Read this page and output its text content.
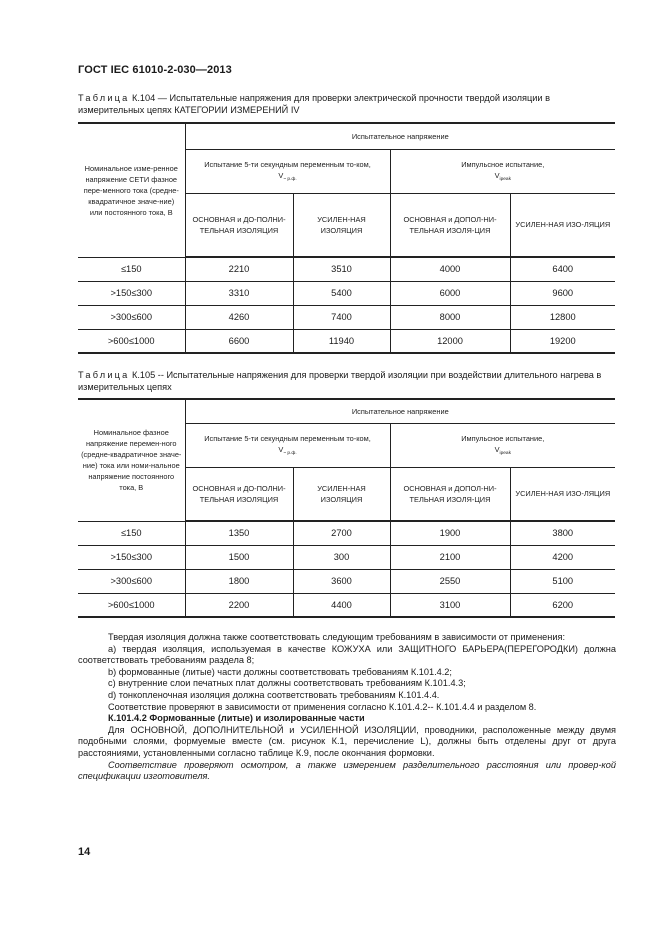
ГОСТ IEC 61010-2-030—2013
Таблица К.104 — Испытательные напряжения для проверки электрической прочности твердой изоляции в измерительных цепях КАТЕГОРИИ ИЗМЕРЕНИЙ IV
Номинальное изме-ренное напряжение СЕТИ фазное пере-менного тока (средне-квадратичное значе-ние) или постоянного тока, В	Испытательное напряжение			
	Испытание 5-ти секундным переменным то-ком,
$V_{\sim р.ф.}$		Импульсное испытание,
$V_{ipeak}$
	ОСНОВНАЯ и ДО-ПОЛНИ-ТЕЛЬНАЯ ИЗОЛЯЦИЯ	УСИЛЕН-НАЯ ИЗОЛЯЦИЯ	ОСНОВНАЯ и ДОПОЛ-НИ-ТЕЛЬНАЯ ИЗОЛЯ-ЦИЯ	УСИЛЕН-НАЯ ИЗО-ЛЯЦИЯ
≤150	2210	3510	4000	6400
>150≤300	3310	5400	6000	9600
>300≤600	4260	7400	8000	12800
>600≤1000	6600	11940	12000	19200
Таблица К.105 -- Испытательные напряжения для проверки твердой изоляции при воздействии длительного нагрева в измерительных цепях
Номинальное фазное напряжение перемен-ного (средне-квадратичное значе-ние) тока или номи-нальное напряжение постоянного тока, В	Испытательное напряжение			
	Испытание 5-ти секундным переменным то-ком,
$V_{\sim р.ф.}$		Импульсное испытание,
$V_{ipeak}$
	ОСНОВНАЯ и ДО-ПОЛНИ-ТЕЛЬНАЯ ИЗОЛЯЦИЯ	УСИЛЕН-НАЯ ИЗОЛЯЦИЯ	ОСНОВНАЯ и ДОПОЛ-НИ-ТЕЛЬНАЯ ИЗОЛЯ-ЦИЯ	УСИЛЕН-НАЯ ИЗО-ЛЯЦИЯ
≤150	1350	2700	1900	3800
>150≤300	1500	300	2100	4200
>300≤600	1800	3600	2550	5100
>600≤1000	2200	4400	3100	6200

Твердая изоляция должна также соответствовать следующим требованиям в зависимости от применения:

а) твердая изоляция, используемая в качестве КОЖУХА или ЗАЩИТНОГО БАРЬЕРА(ПЕРЕГОРОДКИ) должна соответствовать требованиям раздела 8;

b) формованные (литые) части должны соответствовать требованиям К.101.4.2;

c) внутренние слои печатных плат должны соответствовать требованиям К.101.4.3;

d) тонкопленочная изоляция должна соответствовать требованиям К.101.4.4.

Соответствие проверяют в зависимости от применения согласно К.101.4.2-- К.101.4.4 и разделом 8.

К.101.4.2 Формованные (литые) и изолированные части

Для ОСНОВНОЙ, ДОПОЛНИТЕЛЬНОЙ и УСИЛЕННОЙ ИЗОЛЯЦИИ, проводники, расположенные между двумя подобными слоями, формуемые вместе (см. рисунок К.1, перечисление L), должны быть отделены друг от друга расстояниями, установленными согласно таблице К.9, после окончания формовки.

Соответствие проверяют осмотром, а также измерением разделительного расстояния или провер-кой спецификации изготовителя.

14
